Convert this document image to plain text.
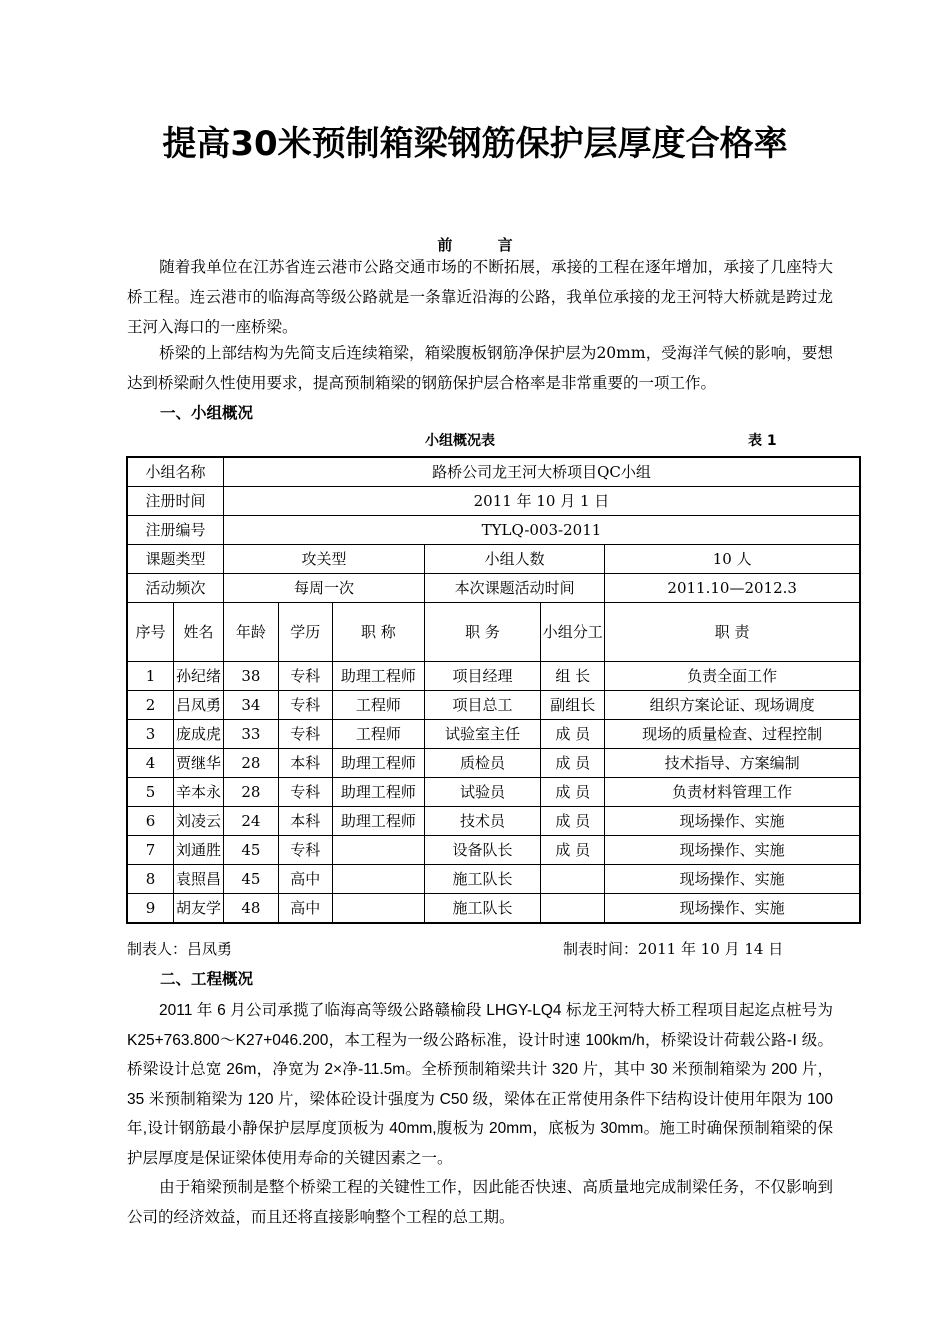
提高30米预制箱梁钢筋保护层厚度合格率
前 言
随着我单位在江苏省连云港市公路交通市场的不断拓展，承接的工程在逐年增加，承接了几座特大桥工程。连云港市的临海高等级公路就是一条靠近沿海的公路，我单位承接的龙王河特大桥就是跨过龙王河入海口的一座桥梁。
桥梁的上部结构为先简支后连续箱梁，箱梁腹板钢筋净保护层为20mm，受海洋气候的影响，要想达到桥梁耐久性使用要求，提高预制箱梁的钢筋保护层合格率是非常重要的一项工作。
一、小组概况
小组概况表	表 1
小组名称		路桥公司龙王河大桥项目QC小组					
注册时间		2011 年 10 月 1 日					
注册编号		TYLQ-003-2011					
课题类型		攻关型			小组人数		10 人
活动频次		每周一次			本次课题活动时间		2011.10—2012.3
序号	姓名	年龄	学历	职 称	职 务	小组分工	职 责
1	孙纪绪	38	专科	助理工程师	项目经理	组 长	负责全面工作
2	吕凤勇	34	专科	工程师	项目总工	副组长	组织方案论证、现场调度
3	庞成虎	33	专科	工程师	试验室主任	成 员	现场的质量检查、过程控制
4	贾继华	28	本科	助理工程师	质检员	成 员	技术指导、方案编制
5	辛本永	28	专科	助理工程师	试验员	成 员	负责材料管理工作
6	刘凌云	24	本科	助理工程师	技术员	成 员	现场操作、实施
7	刘通胜	45	专科		设备队长	成 员	现场操作、实施
8	袁照昌	45	高中		施工队长		现场操作、实施
9	胡友学	48	高中		施工队长		现场操作、实施
制表人：吕凤勇	制表时间：2011 年 10 月 14 日
二、工程概况
2011 年 6 月公司承揽了临海高等级公路赣榆段 LHGY-LQ4 标龙王河特大桥工程项目起迄点桩号为 K25+763.800～K27+046.200，本工程为一级公路标准，设计时速 100km/h，桥梁设计荷载公路-Ⅰ 级。桥梁设计总宽 26m，净宽为 2×净-11.5m。全桥预制箱梁共计 320 片，其中 30 米预制箱梁为 200 片，35 米预制箱梁为 120 片，梁体砼设计强度为 C50 级，梁体在正常使用条件下结构设计使用年限为 100 年,设计钢筋最小静保护层厚度顶板为 40mm,腹板为 20mm，底板为 30mm。施工时确保预制箱梁的保护层厚度是保证梁体使用寿命的关键因素之一。
由于箱梁预制是整个桥梁工程的关键性工作，因此能否快速、高质量地完成制梁任务，不仅影响到公司的经济效益，而且还将直接影响整个工程的总工期。
